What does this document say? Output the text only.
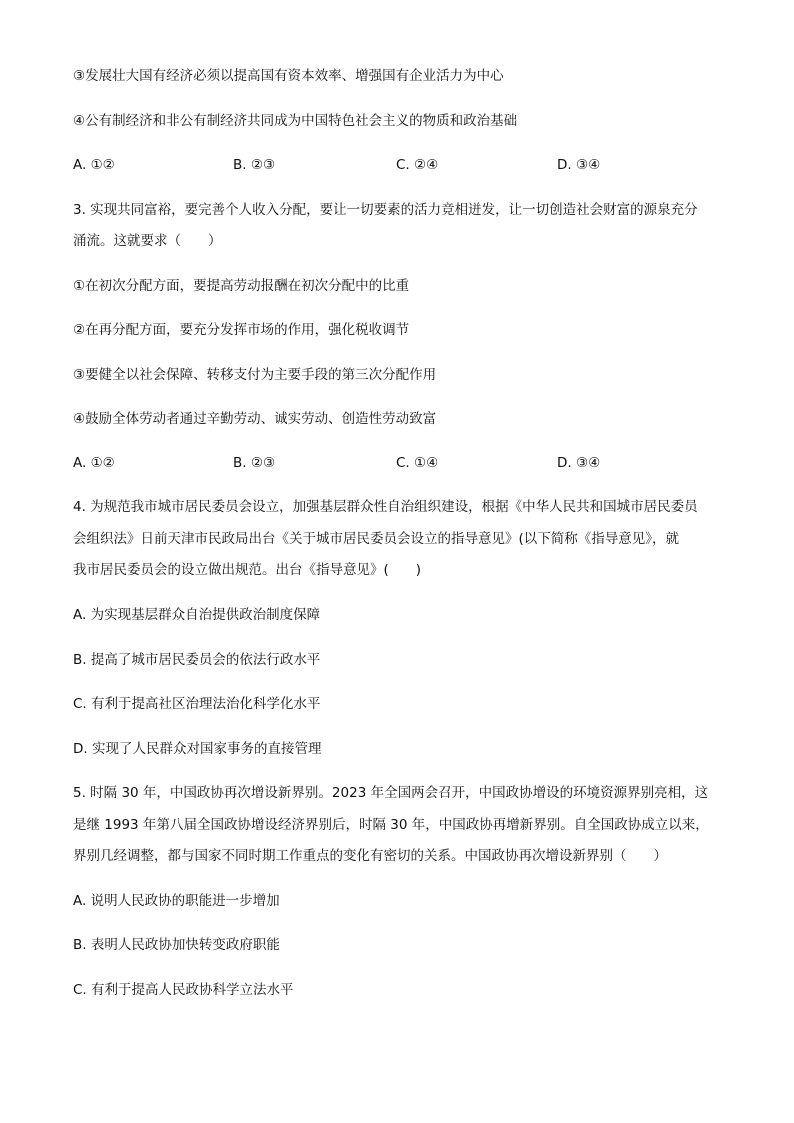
③发展壮大国有经济必须以提高国有资本效率、增强国有企业活力为中心
④公有制经济和非公有制经济共同成为中国特色社会主义的物质和政治基础
A. ①②	B. ②③	C. ②④	D. ③④
3. 实现共同富裕，要完善个人收入分配，要让一切要素的活力竞相迸发，让一切创造社会财富的源泉充分
涌流。这就要求（　　）
①在初次分配方面，要提高劳动报酬在初次分配中的比重
②在再分配方面，要充分发挥市场的作用，强化税收调节
③要健全以社会保障、转移支付为主要手段的第三次分配作用
④鼓励全体劳动者通过辛勤劳动、诚实劳动、创造性劳动致富
A. ①②	B. ②③	C. ①④	D. ③④
4. 为规范我市城市居民委员会设立，加强基层群众性自治组织建设，根据《中华人民共和国城市居民委员
会组织法》日前天津市民政局出台《关于城市居民委员会设立的指导意见》(以下简称《指导意见》，就
我市居民委员会的设立做出规范。出台《指导意见》(　　)
A. 为实现基层群众自治提供政治制度保障
B. 提高了城市居民委员会的依法行政水平
C. 有利于提高社区治理法治化科学化水平
D. 实现了人民群众对国家事务的直接管理
5. 时隔 30 年，中国政协再次增设新界别。2023 年全国两会召开，中国政协增设的环境资源界别亮相，这
是继 1993 年第八届全国政协增设经济界别后，时隔 30 年，中国政协再增新界别。自全国政协成立以来，
界别几经调整，都与国家不同时期工作重点的变化有密切的关系。中国政协再次增设新界别（　　）
A. 说明人民政协的职能进一步增加
B. 表明人民政协加快转变政府职能
C. 有利于提高人民政协科学立法水平
